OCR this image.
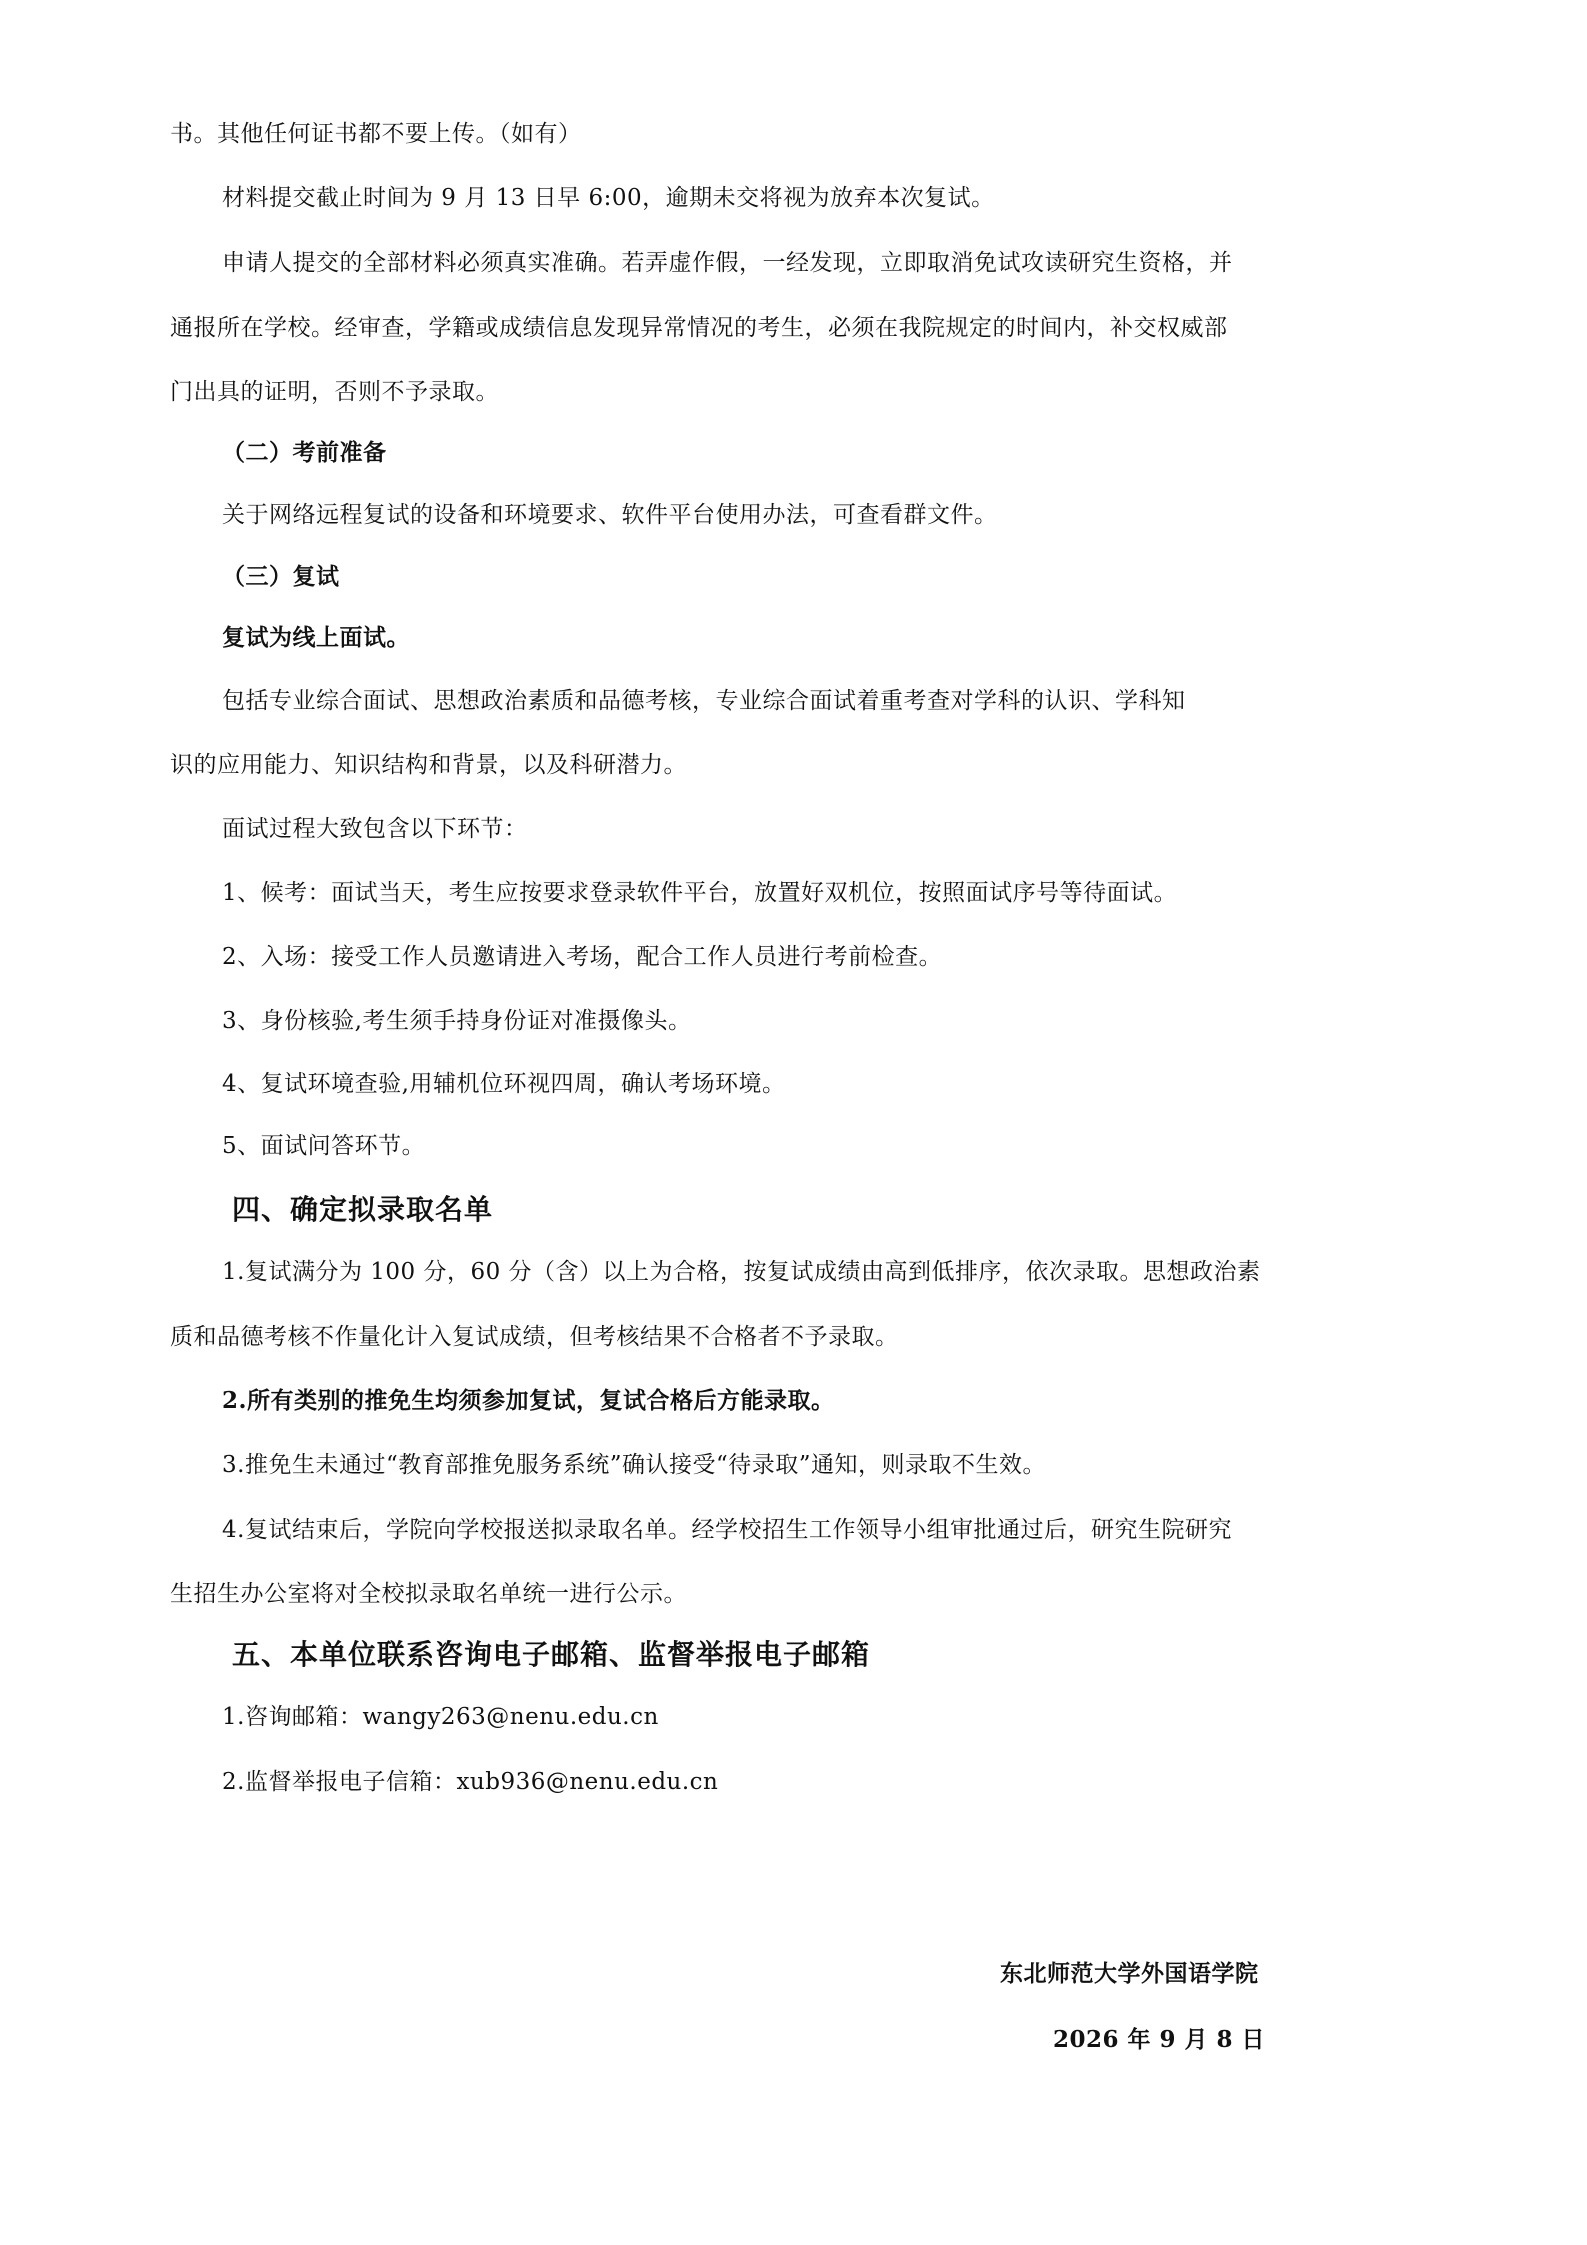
书。其他任何证书都不要上传。（如有）
材料提交截止时间为 9 月 13 日早 6:00，逾期未交将视为放弃本次复试。
申请人提交的全部材料必须真实准确。若弄虚作假，一经发现，立即取消免试攻读研究生资格，并
通报所在学校。经审查，学籍或成绩信息发现异常情况的考生，必须在我院规定的时间内，补交权威部
门出具的证明，否则不予录取。
（二）考前准备
关于网络远程复试的设备和环境要求、软件平台使用办法，可查看群文件。
（三）复试
复试为线上面试。
包括专业综合面试、思想政治素质和品德考核，专业综合面试着重考查对学科的认识、学科知
识的应用能力、知识结构和背景，以及科研潜力。
面试过程大致包含以下环节：
1、候考：面试当天，考生应按要求登录软件平台，放置好双机位，按照面试序号等待面试。
2、入场：接受工作人员邀请进入考场，配合工作人员进行考前检查。
3、身份核验,考生须手持身份证对准摄像头。
4、复试环境查验,用辅机位环视四周，确认考场环境。
5、面试问答环节。
四、确定拟录取名单
1.复试满分为 100 分，60 分（含）以上为合格，按复试成绩由高到低排序，依次录取。思想政治素
质和品德考核不作量化计入复试成绩，但考核结果不合格者不予录取。
2.所有类别的推免生均须参加复试，复试合格后方能录取。
3.推免生未通过“教育部推免服务系统”确认接受“待录取”通知，则录取不生效。
4.复试结束后，学院向学校报送拟录取名单。经学校招生工作领导小组审批通过后，研究生院研究
生招生办公室将对全校拟录取名单统一进行公示。
五、本单位联系咨询电子邮箱、监督举报电子邮箱
1.咨询邮箱：wangy263@nenu.edu.cn
2.监督举报电子信箱：xub936@nenu.edu.cn
东北师范大学外国语学院
2026 年 9 月 8 日
